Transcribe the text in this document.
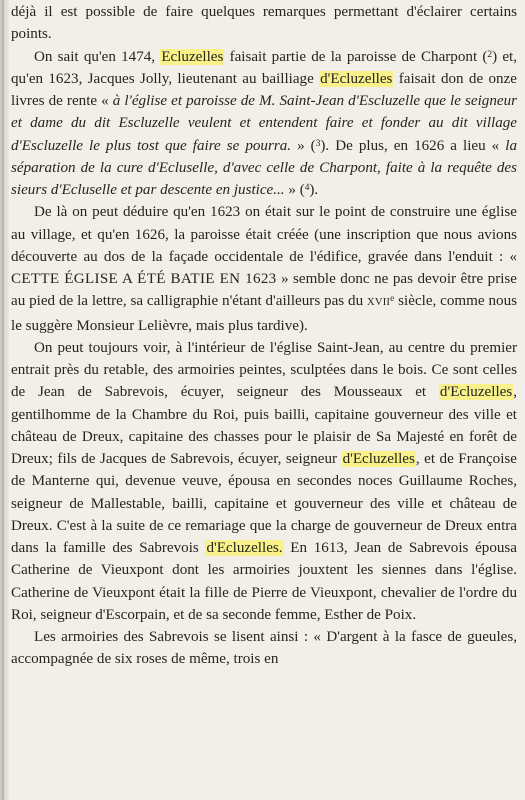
déjà il est possible de faire quelques remarques permettant d'éclairer certains points.

On sait qu'en 1474, Ecluzelles faisait partie de la paroisse de Charpont ($^2$) et, qu'en 1623, Jacques Jolly, lieutenant au bailliage d'Ecluzelles faisait don de onze livres de rente « à l'église et paroisse de M. Saint-Jean d'Escluzelle que le seigneur et dame du dit Escluzelle veulent et entendent faire et fonder au dit village d'Escluzelle le plus tost que faire se pourra. » ($^3$). De plus, en 1626 a lieu « la séparation de la cure d'Ecluselle, d'avec celle de Charpont, faite à la requête des sieurs d'Ecluselle et par descente en justice... » ($^4$).

De là on peut déduire qu'en 1623 on était sur le point de construire une église au village, et qu'en 1626, la paroisse était créée (une inscription que nous avions découverte au dos de la façade occidentale de l'édifice, gravée dans l'enduit : « CETTE ÉGLISE A ÉTÉ BATIE EN 1623 » semble donc ne pas devoir être prise au pied de la lettre, sa calligraphie n'étant d'ailleurs pas du XVIIe siècle, comme nous le suggère Monsieur Lelièvre, mais plus tardive).

On peut toujours voir, à l'intérieur de l'église Saint-Jean, au centre du premier entrait près du retable, des armoiries peintes, sculptées dans le bois. Ce sont celles de Jean de Sabrevois, écuyer, seigneur des Mousseaux et d'Ecluzelles, gentilhomme de la Chambre du Roi, puis bailli, capitaine gouverneur des ville et château de Dreux, capitaine des chasses pour le plaisir de Sa Majesté en forêt de Dreux; fils de Jacques de Sabrevois, écuyer, seigneur d'Ecluzelles, et de Françoise de Manterne qui, devenue veuve, épousa en secondes noces Guillaume Roches, seigneur de Mallestable, bailli, capitaine et gouverneur des ville et château de Dreux. C'est à la suite de ce remariage que la charge de gouverneur de Dreux entra dans la famille des Sabrevois d'Ecluzelles. En 1613, Jean de Sabrevois épousa Catherine de Vieuxpont dont les armoiries jouxtent les siennes dans l'église. Catherine de Vieuxpont était la fille de Pierre de Vieuxpont, chevalier de l'ordre du Roi, seigneur d'Escorpain, et de sa seconde femme, Esther de Poix.

Les armoiries des Sabrevois se lisent ainsi : « D'argent à la fasce de gueules, accompagnée de six roses de même, trois en
